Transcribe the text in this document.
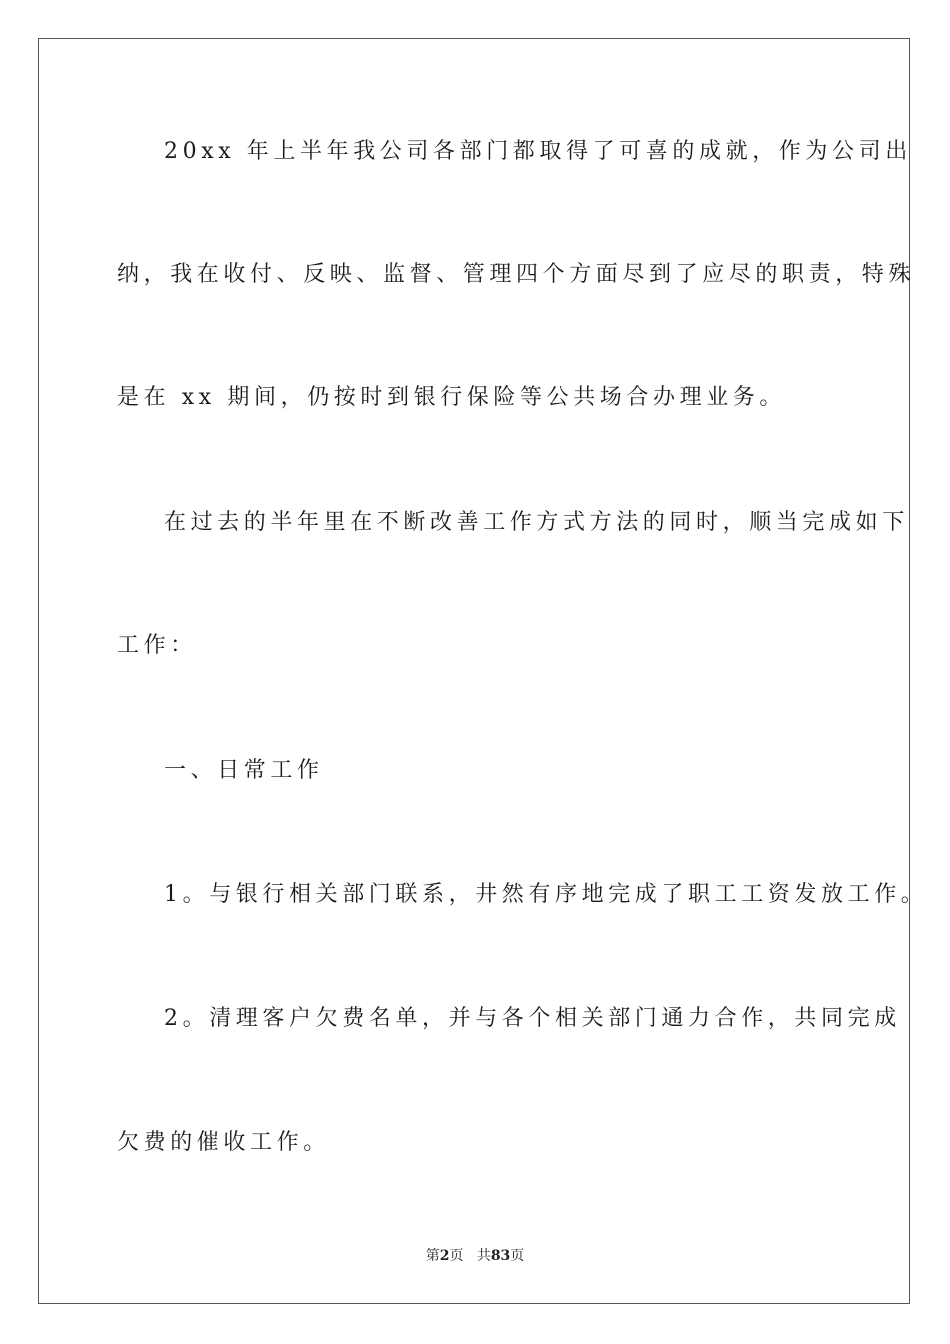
20xx 年上半年我公司各部门都取得了可喜的成就，作为公司出
纳，我在收付、反映、监督、管理四个方面尽到了应尽的职责，特殊
是在 xx 期间，仍按时到银行保险等公共场合办理业务。
在过去的半年里在不断改善工作方式方法的同时，顺当完成如下
工作：
一、日常工作
1。与银行相关部门联系，井然有序地完成了职工工资发放工作。
2。清理客户欠费名单，并与各个相关部门通力合作，共同完成
欠费的催收工作。
第2页 共83页
